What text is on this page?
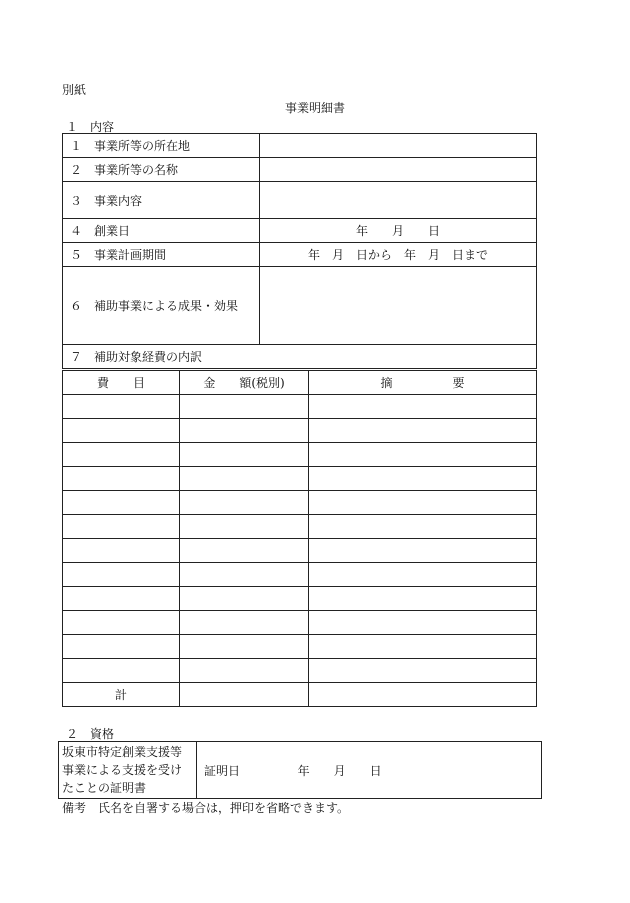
別紙
事業明細書
１　内容
１　事業所等の所在地	
２　事業所等の名称	
３　事業内容	
４　創業日	年　　月　　日
５　事業計画期間	年　月　日から　年　月　日まで
６　補助事業による成果・効果	
７　補助対象経費の内訳	
費　　目	金　　額(税別)	摘　　　　　要

計		
２　資格
坂東市特定創業支援等
事業による支援を受け
たことの証明書
	証明日	年　　月　　日
備考　氏名を自署する場合は，押印を省略できます。
